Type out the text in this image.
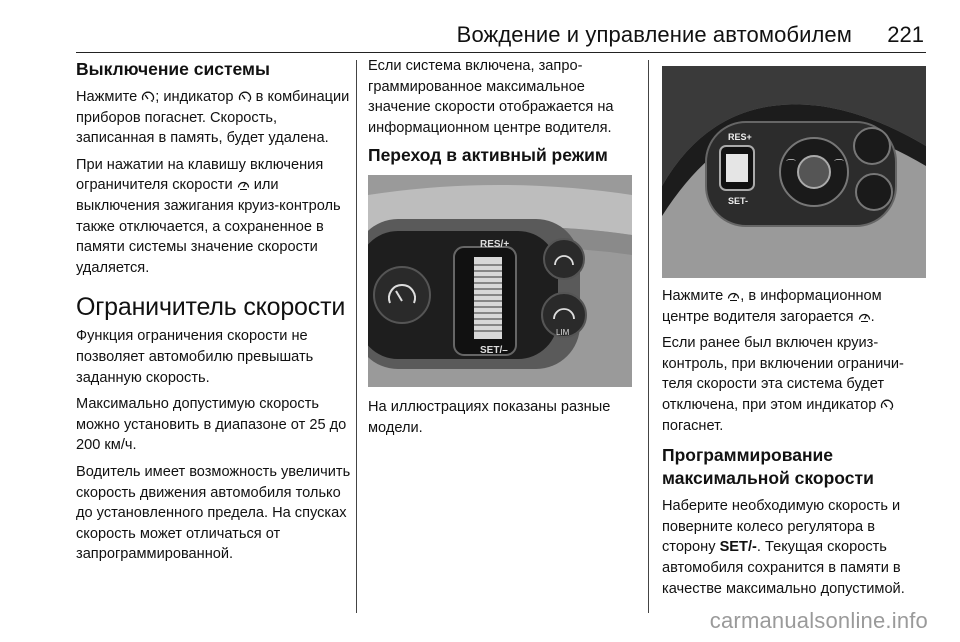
Вождение и управление автомобилем 221
Выключение системы

Нажмите ; индикатор  в комбинации приборов погаснет. Скорость, записанная в память, будет удалена.

При нажатии на клавишу включения ограничителя скорости  или выключения зажигания круиз-контроль также отключается, а сохраненное в памяти системы значение скорости удаляется.

Ограничитель скорости

Функция ограничения скорости не позволяет автомобилю превышать заданную скорость.

Максимально допустимую скорость можно установить в диапазоне от 25 до 200 км/ч.

Водитель имеет возможность увеличить скорость движения автомобиля только до установленного предела. На спусках скорость может отличаться от запрограммированной.

Если система включена, запрограммированное максимальное значение скорости отображается на информационном центре водителя.

Переход в активный режим
RES/+
SET/–
LIM

На иллюстрациях показаны разные модели.

RES+
SET-
⌒	⌒

Нажмите , в информационном центре водителя загорается .

Если ранее был включен круиз-контроль, при включении ограничителя скорости эта система будет отключена, при этом индикатор  погаснет.

Программирование максимальной скорости

Наберите необходимую скорость и поверните колесо регулятора в сторону SET/-. Текущая скорость автомобиля сохранится в памяти в качестве максимально допустимой.

carmanualsonline.info
